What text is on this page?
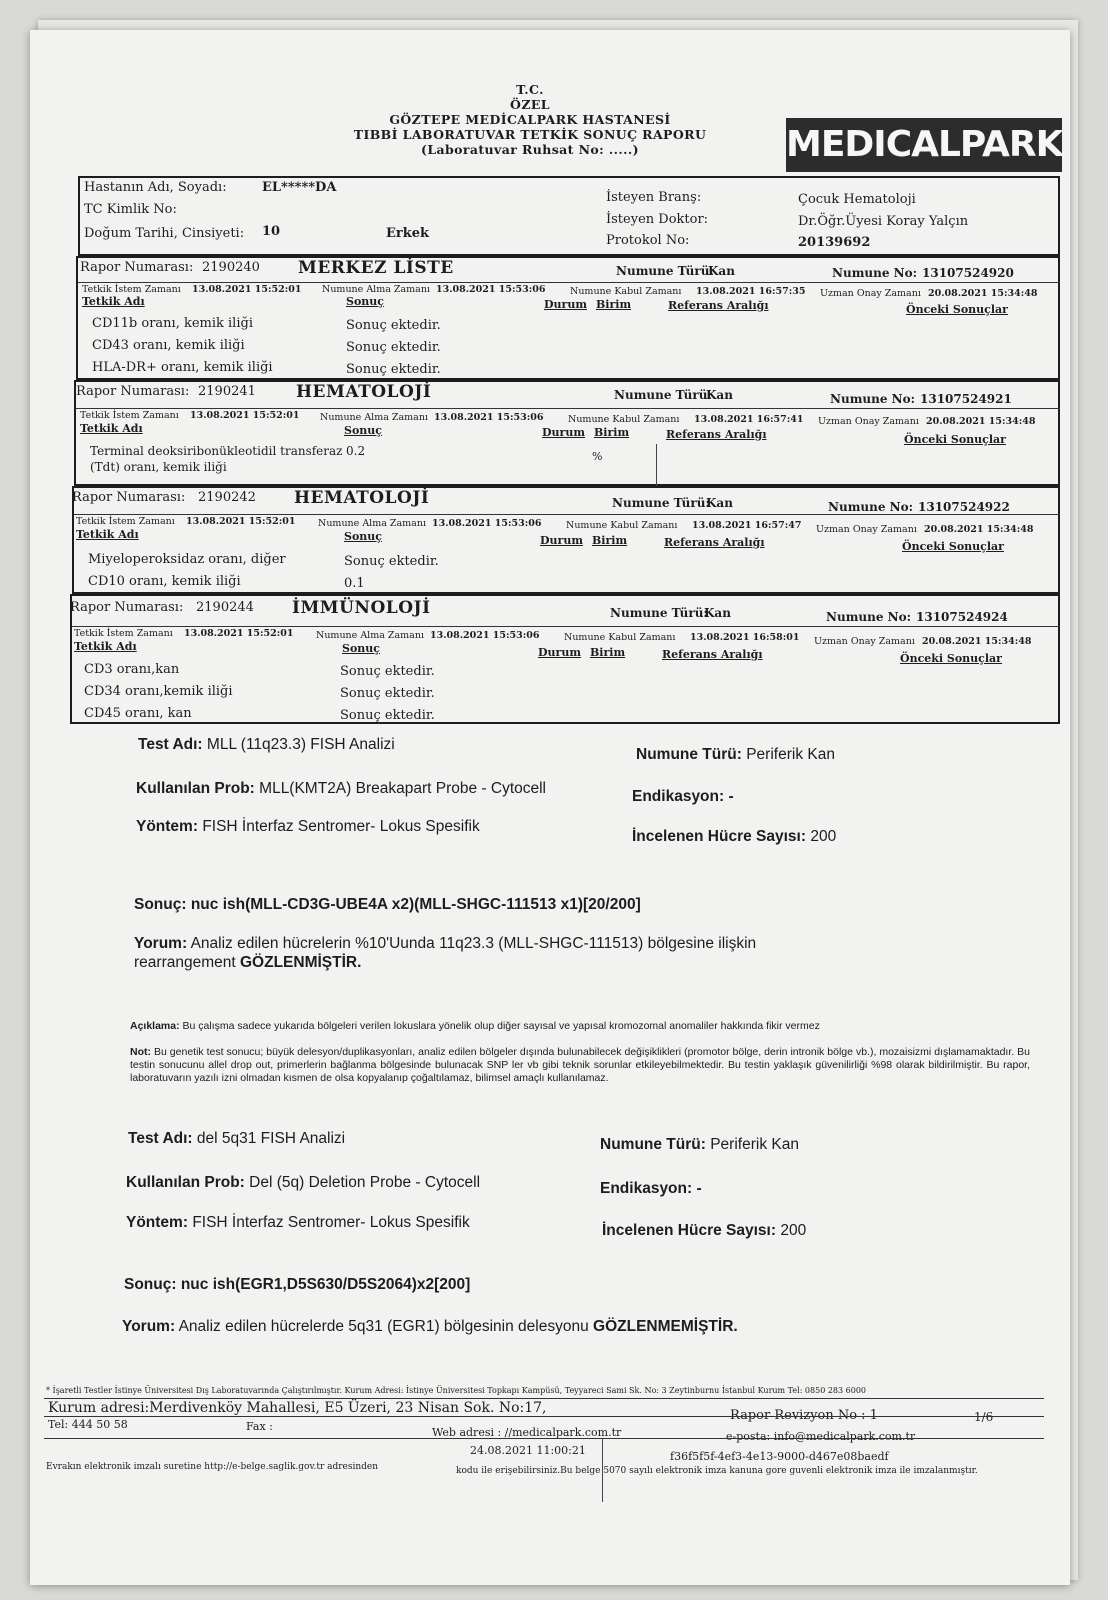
T.C.
ÖZEL
GÖZTEPE MEDİCALPARK HASTANESİ
TIBBİ LABORATUVAR TETKİK SONUÇ RAPORU
(Laboratuvar Ruhsat No: .....)	MEDICALPARK
Hastanın Adı, Soyadı:	EL*****DA
TC Kimlik No:
Doğum Tarihi, Cinsiyeti: 10	Erkek
İsteyen Branş:	Çocuk Hematoloji
İsteyen Doktor:	Dr.Öğr.Üyesi Koray Yalçın
Protokol No:	20139692
Rapor Numarası: 2190240 MERKEZ LİSTE	Numune Türü:
Kan	Numune No: 13107524920
Tetkik İstem Zamanı 13.08.2021 15:52:01 Numune Alma Zamanı 13.08.2021 15:53:06	Numune Kabul Zamanı 13.08.2021 16:57:35 Uzman Onay Zamanı 20.08.2021 15:34:48
Tetkik Adı	Sonuç	Durum Birim	Referans Aralığı	Önceki Sonuçlar
CD11b oranı, kemik iliği	Sonuç ektedir.
CD43 oranı, kemik iliği	Sonuç ektedir.
HLA-DR+ oranı, kemik iliği	Sonuç ektedir.
Rapor Numarası: 2190241 HEMATOLOJİ	Numune Türü:
Kan	Numune No: 13107524921
Tetkik İstem Zamanı 13.08.2021 15:52:01 Numune Alma Zamanı 13.08.2021 15:53:06	Numune Kabul Zamanı 13.08.2021 16:57:41 Uzman Onay Zamanı 20.08.2021 15:34:48
Tetkik Adı	Sonuç	Durum Birim	Referans Aralığı	Önceki Sonuçlar
Terminal deoksiribonükleotidil transferaz 0.2	%
(Tdt) oranı, kemik iliği
Rapor Numarası: 2190242 HEMATOLOJİ	Numune Türü:
Kan	Numune No: 13107524922
Tetkik İstem Zamanı 13.08.2021 15:52:01 Numune Alma Zamanı 13.08.2021 15:53:06	Numune Kabul Zamanı 13.08.2021 16:57:47 Uzman Onay Zamanı 20.08.2021 15:34:48
Tetkik Adı	Sonuç	Durum Birim	Referans Aralığı	Önceki Sonuçlar
Miyeloperoksidaz oranı, diğer	Sonuç ektedir.
CD10 oranı, kemik iliği	0.1
Rapor Numarası: 2190244 İMMÜNOLOJİ	Numune Türü:
Kan	Numune No: 13107524924
Tetkik İstem Zamanı 13.08.2021 15:52:01 Numune Alma Zamanı 13.08.2021 15:53:06	Numune Kabul Zamanı 13.08.2021 16:58:01 Uzman Onay Zamanı 20.08.2021 15:34:48
Tetkik Adı	Sonuç	Durum Birim	Referans Aralığı	Önceki Sonuçlar
CD3 oranı,kan	Sonuç ektedir.
CD34 oranı,kemik iliği	Sonuç ektedir.
CD45 oranı, kan	Sonuç ektedir.
Test Adı: MLL (11q23.3) FISH Analizi
Numune Türü: Periferik Kan
Kullanılan Prob: MLL(KMT2A) Breakapart Probe - Cytocell	Endikasyon: -
Yöntem: FISH İnterfaz Sentromer- Lokus Spesifik
İncelenen Hücre Sayısı: 200
Sonuç: nuc ish(MLL-CD3G-UBE4A x2)(MLL-SHGC-111513 x1)[20/200]
Yorum: Analiz edilen hücrelerin %10'Uunda 11q23.3 (MLL-SHGC-111513) bölgesine ilişkin
rearrangement GÖZLENMİŞTİR.
Açıklama: Bu çalışma sadece yukarıda bölgeleri verilen lokuslara yönelik olup diğer sayısal ve yapısal kromozomal anomaliler hakkında fikir vermez
Not: Bu genetik test sonucu; büyük delesyon/duplikasyonları, analiz edilen bölgeler dışında bulunabilecek değişiklikleri (promotor bölge, derin intronik bölge vb.), mozaisizmi dışlamamaktadır. Bu testin sonucunu allel drop out, primerlerin bağlanma bölgesinde bulunacak SNP ler vb gibi teknik sorunlar etkileyebilmektedir. Bu testin yaklaşık güvenilirliği %98 olarak bildirilmiştir. Bu rapor, laboratuvarın yazılı izni olmadan kısmen de olsa kopyalanıp çoğaltılamaz, bilimsel amaçlı kullanılamaz.
Test Adı: del 5q31 FISH Analizi	Numune Türü: Periferik Kan
Kullanılan Prob: Del (5q) Deletion Probe - Cytocell	Endikasyon: -
Yöntem: FISH İnterfaz Sentromer- Lokus Spesifik	İncelenen Hücre Sayısı: 200
Sonuç: nuc ish(EGR1,D5S630/D5S2064)x2[200]
Yorum: Analiz edilen hücrelerde 5q31 (EGR1) bölgesinin delesyonu GÖZLENMEMİŞTİR.
* İşaretli Testler İstinye Üniversitesi Dış Laboratuvarında Çalıştırılmıştır. Kurum Adresi: İstinye Üniversitesi Topkapı Kampüsü, Teyyareci Sami Sk. No: 3 Zeytinburnu İstanbul Kurum Tel: 0850 283 6000
Kurum adresi:Merdivenköy Mahallesi, E5 Üzeri, 23 Nisan Sok. No:17,	Rapor Revizyon No : 1	1/6
Tel: 444 50 58	Fax :	Web adresi : //medicalpark.com.tr	e-posta: info@medicalpark.com.tr
24.08.2021 11:00:21	f36f5f5f-4ef3-4e13-9000-d467e08baedf
Evrakın elektronik imzalı suretine http://e-belge.saglik.gov.tr adresinden	kodu ile erişebilirsiniz.Bu belge 5070 sayılı elektronik imza kanuna gore guvenli elektronik imza ile imzalanmıştır.
